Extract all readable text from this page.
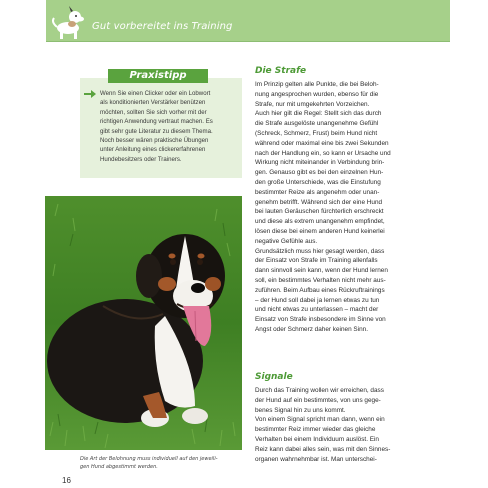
Gut vorbereitet ins Training
Praxistipp
Wenn Sie einen Clicker oder ein Lobwort
als konditionierten Verstärker benützen
möchten, sollten Sie sich vorher mit der
richtigen Anwendung vertraut machen. Es
gibt sehr gute Literatur zu diesem Thema.
Noch besser wären praktische Übungen
unter Anleitung eines clickererfahrenen
Hundebesitzers oder Trainers.
Die Art der Belohnung muss individuell auf den jeweili-
gen Hund abgestimmt werden.
16
Die Strafe
Im Prinzip gelten alle Punkte, die bei Beloh-
nung angesprochen wurden, ebenso für die
Strafe, nur mit umgekehrten Vorzeichen.
Auch hier gilt die Regel: Stellt sich das durch
die Strafe ausgelöste unangenehme Gefühl
(Schreck, Schmerz, Frust) beim Hund nicht
während oder maximal eine bis zwei Sekunden
nach der Handlung ein, so kann er Ursache und
Wirkung nicht miteinander in Verbindung brin-
gen. Genauso gibt es bei den einzelnen Hun-
den große Unterschiede, was die Einstufung
bestimmter Reize als angenehm oder unan-
genehm betrifft. Während sich der eine Hund
bei lauten Geräuschen fürchterlich erschreckt
und diese als extrem unangenehm empfindet,
lösen diese bei einem anderen Hund keinerlei
negative Gefühle aus.
Grundsätzlich muss hier gesagt werden, dass
der Einsatz von Strafe im Training allenfalls
dann sinnvoll sein kann, wenn der Hund lernen
soll, ein bestimmtes Verhalten nicht mehr aus-
zuführen. Beim Aufbau eines Rückruftrainings
– der Hund soll dabei ja lernen etwas zu tun
und nicht etwas zu unterlassen – macht der
Einsatz von Strafe insbesondere im Sinne von
Angst oder Schmerz daher keinen Sinn.
Signale
Durch das Training wollen wir erreichen, dass
der Hund auf ein bestimmtes, von uns gege-
benes Signal hin zu uns kommt.
Von einem Signal spricht man dann, wenn ein
bestimmter Reiz immer wieder das gleiche
Verhalten bei einem Individuum auslöst. Ein
Reiz kann dabei alles sein, was mit den Sinnes-
organen wahrnehmbar ist. Man unterschei-
